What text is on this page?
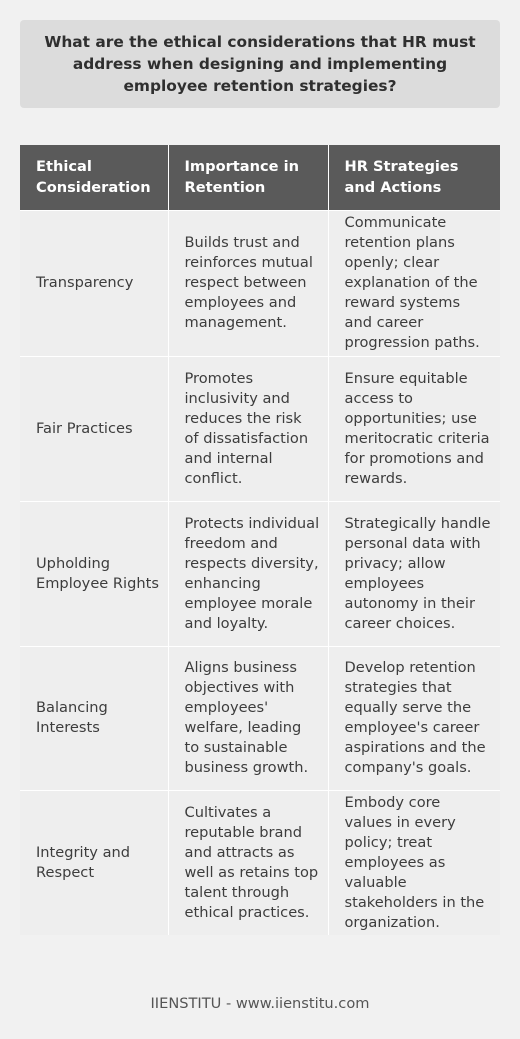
What are the ethical considerations that HR must address when designing and implementing employee retention strategies?
Ethical Consideration	Importance in Retention	HR Strategies and Actions
Transparency	Builds trust and reinforces mutual respect between employees and management.	Communicate retention plans openly; clear explanation of the reward systems and career progression paths.
Fair Practices	Promotes inclusivity and reduces the risk of dissatisfaction and internal conflict.	Ensure equitable access to opportunities; use meritocratic criteria for promotions and rewards.
Upholding Employee Rights	Protects individual freedom and respects diversity, enhancing employee morale and loyalty.	Strategically handle personal data with privacy; allow employees autonomy in their career choices.
Balancing Interests	Aligns business objectives with employees' welfare, leading to sustainable business growth.	Develop retention strategies that equally serve the employee's career aspirations and the company's goals.
Integrity and Respect	Cultivates a reputable brand and attracts as well as retains top talent through ethical practices.	Embody core values in every policy; treat employees as valuable stakeholders in the organization.
IIENSTITU - www.iienstitu.com
